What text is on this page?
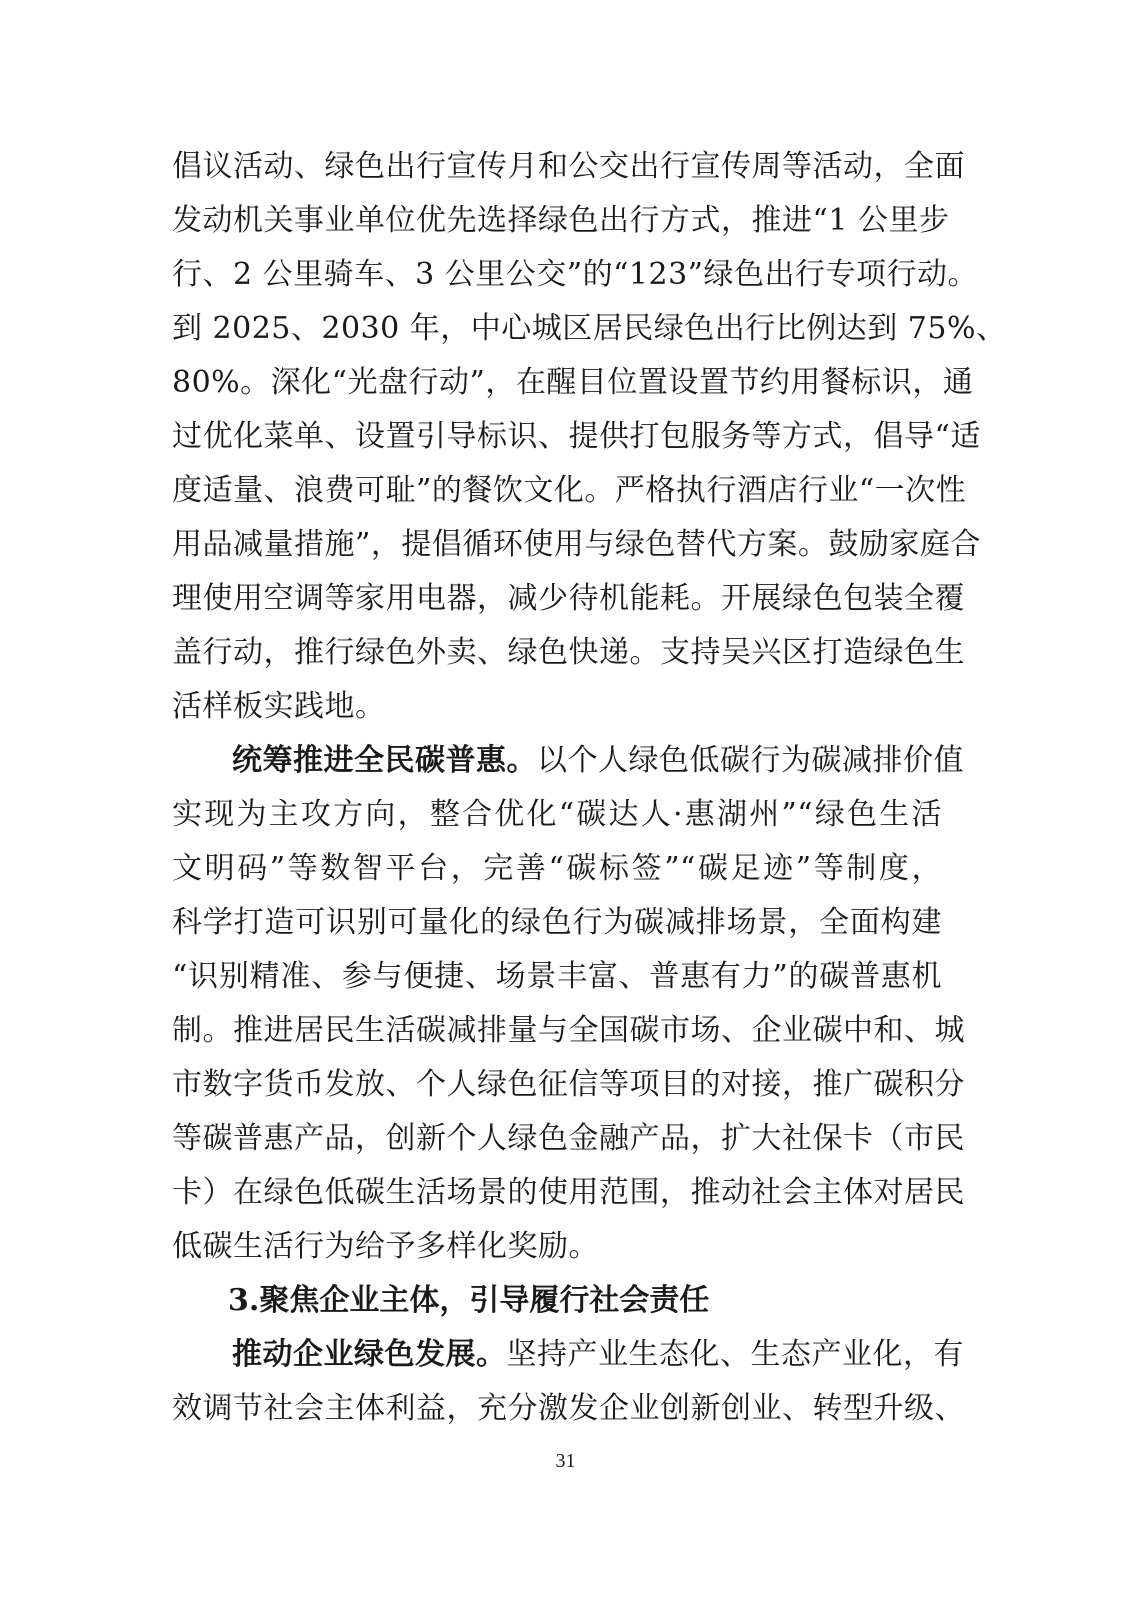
倡议活动、绿色出行宣传月和公交出行宣传周等活动，全面
发动机关事业单位优先选择绿色出行方式，推进“1 公里步
行、2 公里骑车、3 公里公交”的“123”绿色出行专项行动。
到 2025、2030 年，中心城区居民绿色出行比例达到 75%、
80%。深化“光盘行动”，在醒目位置设置节约用餐标识，通
过优化菜单、设置引导标识、提供打包服务等方式，倡导“适
度适量、浪费可耻”的餐饮文化。严格执行酒店行业“一次性
用品减量措施”，提倡循环使用与绿色替代方案。鼓励家庭合
理使用空调等家用电器，减少待机能耗。开展绿色包装全覆
盖行动，推行绿色外卖、绿色快递。支持吴兴区打造绿色生
活样板实践地。
统筹推进全民碳普惠。以个人绿色低碳行为碳减排价值
实现为主攻方向，整合优化“碳达人·惠湖州”“绿色生活
文明码”等数智平台，完善“碳标签”“碳足迹”等制度，
科学打造可识别可量化的绿色行为碳减排场景，全面构建
“识别精准、参与便捷、场景丰富、普惠有力”的碳普惠机
制。推进居民生活碳减排量与全国碳市场、企业碳中和、城
市数字货币发放、个人绿色征信等项目的对接，推广碳积分
等碳普惠产品，创新个人绿色金融产品，扩大社保卡（市民
卡）在绿色低碳生活场景的使用范围，推动社会主体对居民
低碳生活行为给予多样化奖励。
3.聚焦企业主体，引导履行社会责任
推动企业绿色发展。坚持产业生态化、生态产业化，有
效调节社会主体利益，充分激发企业创新创业、转型升级、
31
